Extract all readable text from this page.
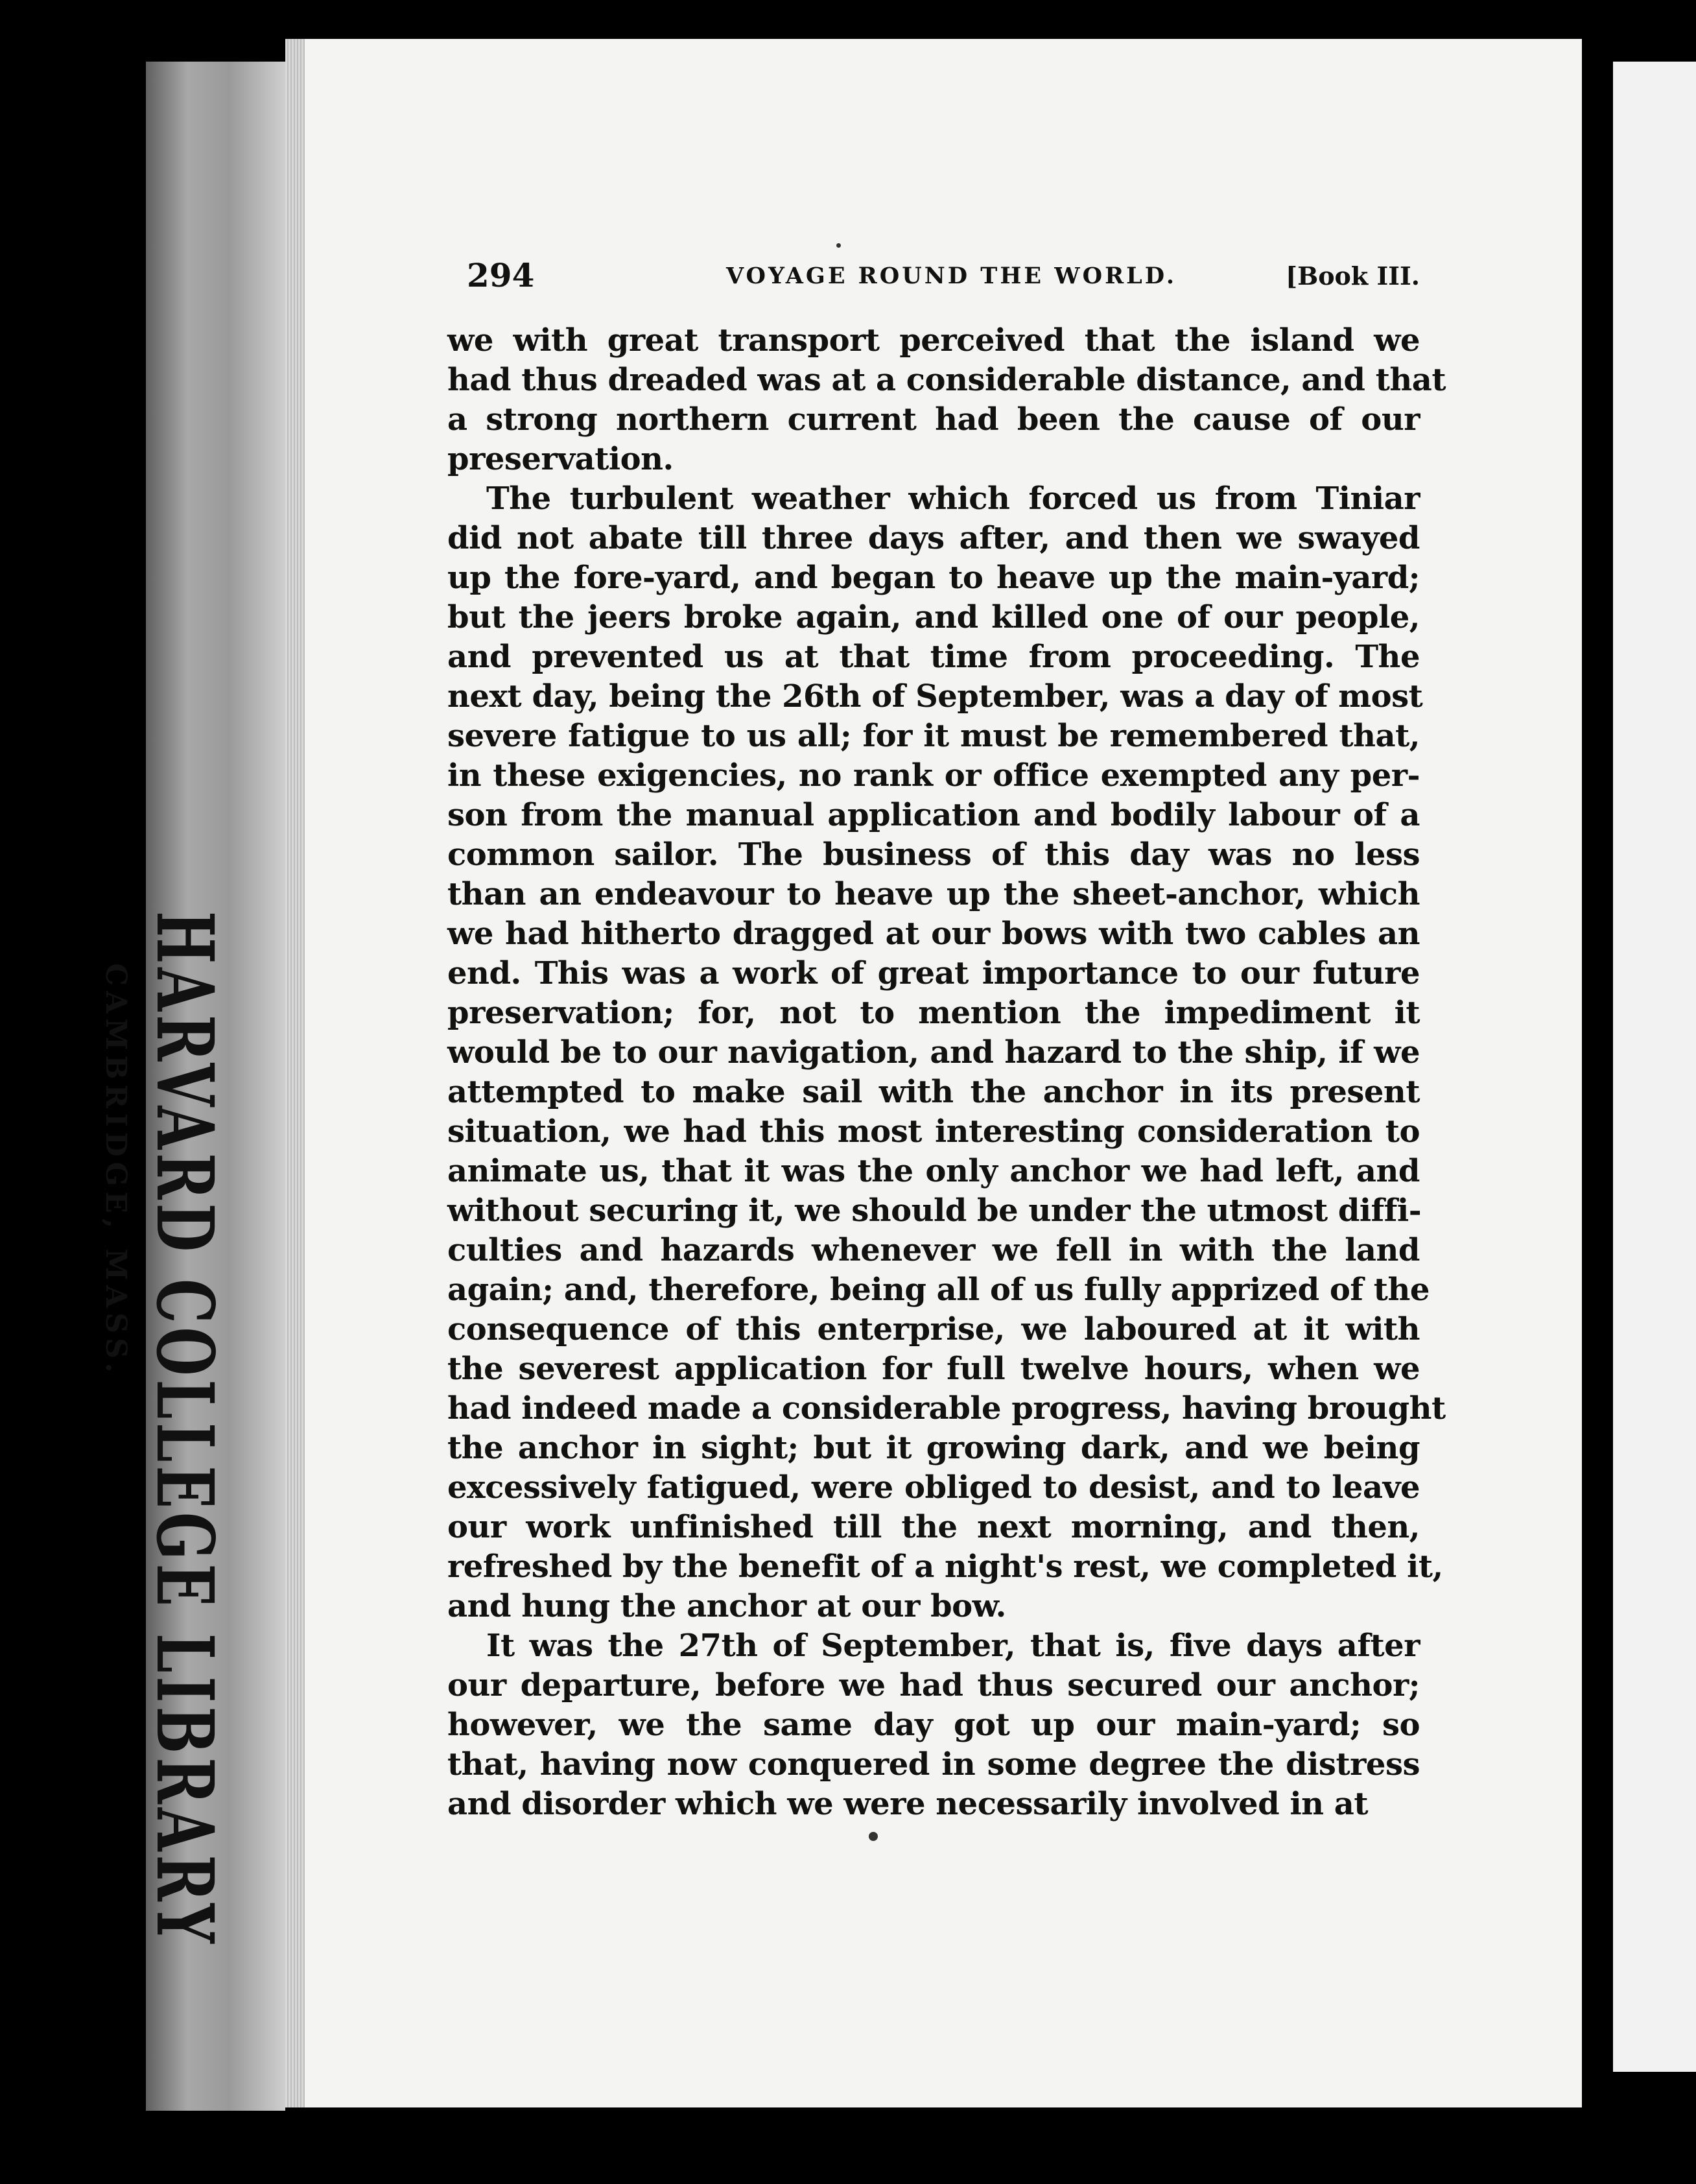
HARVARD COLLEGE LIBRARY
CAMBRIDGE, MASS.
294	VOYAGE ROUND THE WORLD.	[Book III.
we with great transport perceived that the island we
had thus dreaded was at a considerable distance, and that
a strong northern current had been the cause of our
preservation.
The turbulent weather which forced us from Tiniar
did not abate till three days after, and then we swayed
up the fore-yard, and began to heave up the main-yard;
but the jeers broke again, and killed one of our people,
and prevented us at that time from proceeding. The
next day, being the 26th of September, was a day of most
severe fatigue to us all; for it must be remembered that,
in these exigencies, no rank or office exempted any per-
son from the manual application and bodily labour of a
common sailor. The business of this day was no less
than an endeavour to heave up the sheet-anchor, which
we had hitherto dragged at our bows with two cables an
end. This was a work of great importance to our future
preservation; for, not to mention the impediment it
would be to our navigation, and hazard to the ship, if we
attempted to make sail with the anchor in its present
situation, we had this most interesting consideration to
animate us, that it was the only anchor we had left, and
without securing it, we should be under the utmost diffi-
culties and hazards whenever we fell in with the land
again; and, therefore, being all of us fully apprized of the
consequence of this enterprise, we laboured at it with
the severest application for full twelve hours, when we
had indeed made a considerable progress, having brought
the anchor in sight; but it growing dark, and we being
excessively fatigued, were obliged to desist, and to leave
our work unfinished till the next morning, and then,
refreshed by the benefit of a night's rest, we completed it,
and hung the anchor at our bow.
It was the 27th of September, that is, five days after
our departure, before we had thus secured our anchor;
however, we the same day got up our main-yard; so
that, having now conquered in some degree the distress
and disorder which we were necessarily involved in at
